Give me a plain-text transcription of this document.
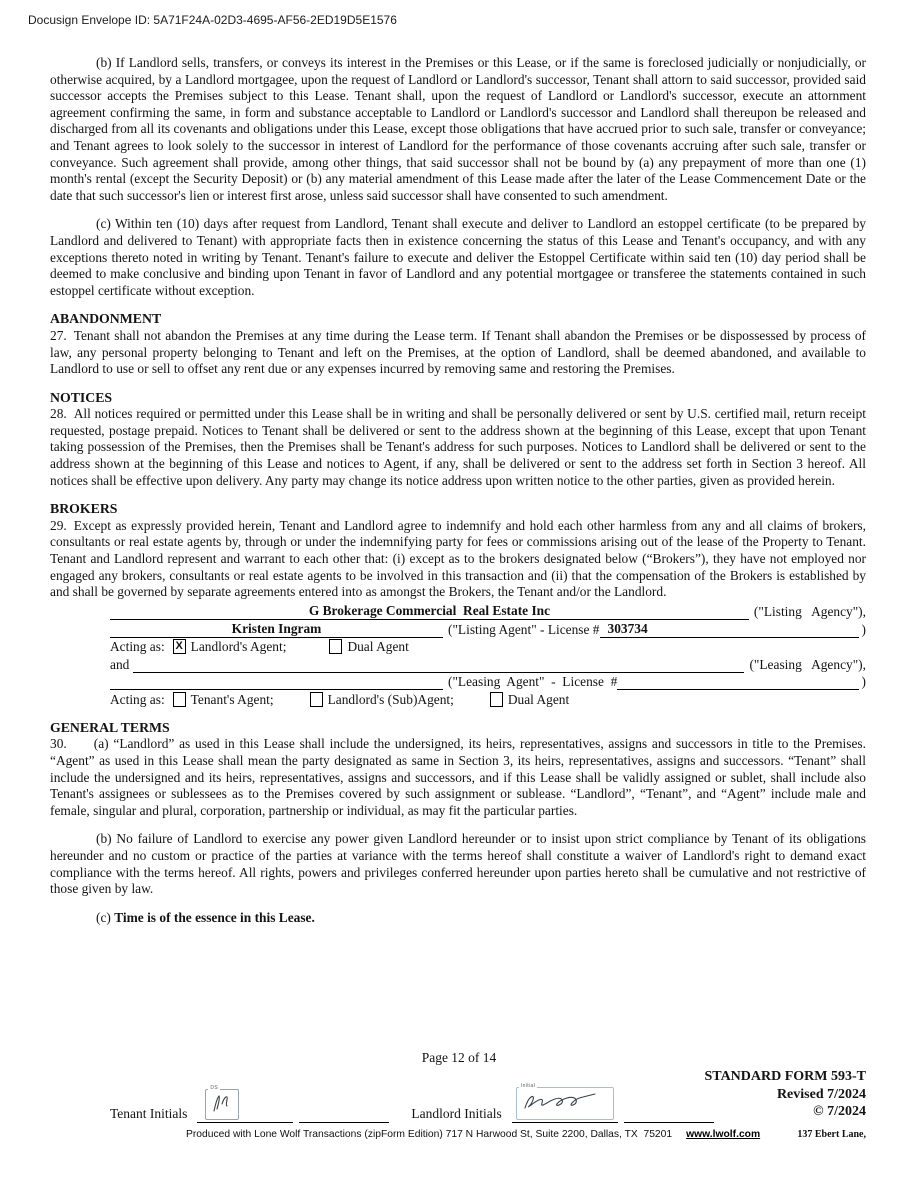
Docusign Envelope ID: 5A71F24A-02D3-4695-AF56-2ED19D5E1576

(b) If Landlord sells, transfers, or conveys its interest in the Premises or this Lease, or if the same is foreclosed judicially or nonjudicially, or otherwise acquired, by a Landlord mortgagee, upon the request of Landlord or Landlord's successor, Tenant shall attorn to said successor, provided said successor accepts the Premises subject to this Lease. Tenant shall, upon the request of Landlord or Landlord's successor, execute an attornment agreement confirming the same, in form and substance acceptable to Landlord or Landlord's successor and Landlord shall thereupon be released and discharged from all its covenants and obligations under this Lease, except those obligations that have accrued prior to such sale, transfer or conveyance; and Tenant agrees to look solely to the successor in interest of Landlord for the performance of those covenants accruing after such sale, transfer or conveyance. Such agreement shall provide, among other things, that said successor shall not be bound by (a) any prepayment of more than one (1) month's rental (except the Security Deposit) or (b) any material amendment of this Lease made after the later of the Lease Commencement Date or the date that such successor's lien or interest first arose, unless said successor shall have consented to such amendment.

(c) Within ten (10) days after request from Landlord, Tenant shall execute and deliver to Landlord an estoppel certificate (to be prepared by Landlord and delivered to Tenant) with appropriate facts then in existence concerning the status of this Lease and Tenant's occupancy, and with any exceptions thereto noted in writing by Tenant. Tenant's failure to execute and deliver the Estoppel Certificate within said ten (10) day period shall be deemed to make conclusive and binding upon Tenant in favor of Landlord and any potential mortgagee or transferee the statements contained in such estoppel certificate without exception.

ABANDONMENT

27. Tenant shall not abandon the Premises at any time during the Lease term. If Tenant shall abandon the Premises or be dispossessed by process of law, any personal property belonging to Tenant and left on the Premises, at the option of Landlord, shall be deemed abandoned, and available to Landlord to use or sell to offset any rent due or any expenses incurred by removing same and restoring the Premises.

NOTICES

28. All notices required or permitted under this Lease shall be in writing and shall be personally delivered or sent by U.S. certified mail, return receipt requested, postage prepaid. Notices to Tenant shall be delivered or sent to the address shown at the beginning of this Lease, except that upon Tenant taking possession of the Premises, then the Premises shall be Tenant's address for such purposes. Notices to Landlord shall be delivered or sent to the address shown at the beginning of this Lease and notices to Agent, if any, shall be delivered or sent to the address set forth in Section 3 hereof. All notices shall be effective upon delivery. Any party may change its notice address upon written notice to the other parties, given as provided herein.

BROKERS

29. Except as expressly provided herein, Tenant and Landlord agree to indemnify and hold each other harmless from any and all claims of brokers, consultants or real estate agents by, through or under the indemnifying party for fees or commissions arising out of the lease of the Property to Tenant. Tenant and Landlord represent and warrant to each other that: (i) except as to the brokers designated below (“Brokers”), they have not employed nor engaged any brokers, consultants or real estate agents to be involved in this transaction and (ii) that the compensation of the Brokers is established by and shall be governed by separate agreements entered into as amongst the Brokers, the Tenant and/or the Landlord.

G Brokerage Commercial  Real Estate Inc	("Listing   Agency"),
Kristen Ingram	("Listing Agent" - License # 303734	)
Acting as: X Landlord's Agent;	Dual Agent
and	("Leasing   Agency"),
("Leasing  Agent"  -  License  #	)
Acting as: Tenant's Agent;	Landlord's (Sub)Agent;	Dual Agent
GENERAL TERMS

30. (a) “Landlord” as used in this Lease shall include the undersigned, its heirs, representatives, assigns and successors in title to the Premises. “Agent” as used in this Lease shall mean the party designated as same in Section 3, its heirs, representatives, assigns and successors. “Tenant” shall include the undersigned and its heirs, representatives, assigns and successors, and if this Lease shall be validly assigned or sublet, shall include also Tenant's assignees or sublessees as to the Premises covered by such assignment or sublease. “Landlord”, “Tenant”, and “Agent” include male and female, singular and plural, corporation, partnership or individual, as may fit the particular parties.

(b) No failure of Landlord to exercise any power given Landlord hereunder or to insist upon strict compliance by Tenant of its obligations hereunder and no custom or practice of the parties at variance with the terms hereof shall constitute a waiver of Landlord's right to demand exact compliance with the terms hereof. All rights, powers and privileges conferred hereunder upon parties hereto shall be cumulative and not restrictive of those given by law.

(c) Time is of the essence in this Lease.

Page 12 of 14
STANDARD FORM 593-T
Revised 7/2024
© 7/2024
Tenant Initials
DS
Landlord Initials
Initial
Produced with Lone Wolf Transactions (zipForm Edition) 717 N Harwood St, Suite 2200, Dallas, TX  75201 www.lwolf.com	137 Ebert Lane,
